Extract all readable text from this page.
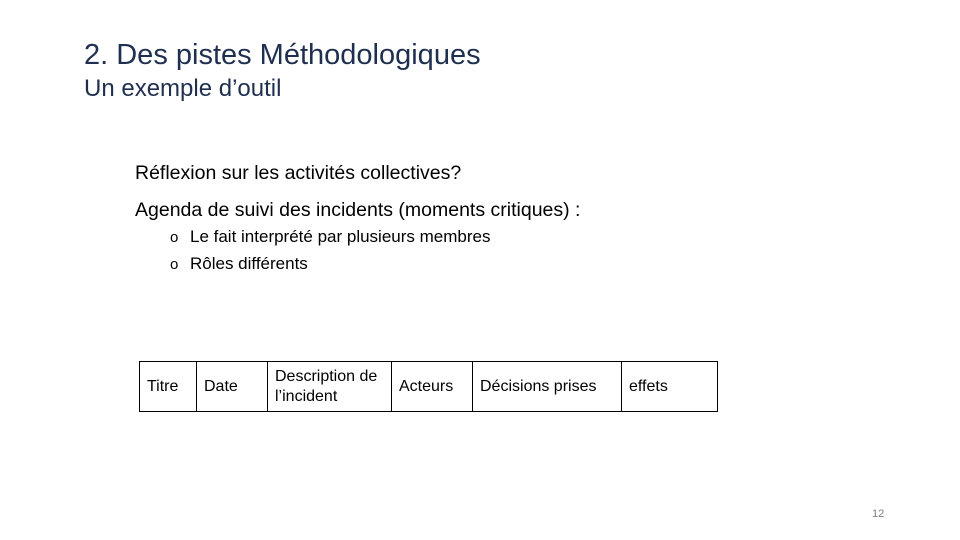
2. Des pistes Méthodologiques
Un exemple d’outil
Réflexion sur les activités collectives?
Agenda de suivi des incidents (moments critiques) :
o Le fait interprété par plusieurs membres
o Rôles différents
Titre	Date	Description de l’incident	Acteurs	Décisions prises	effets
12
